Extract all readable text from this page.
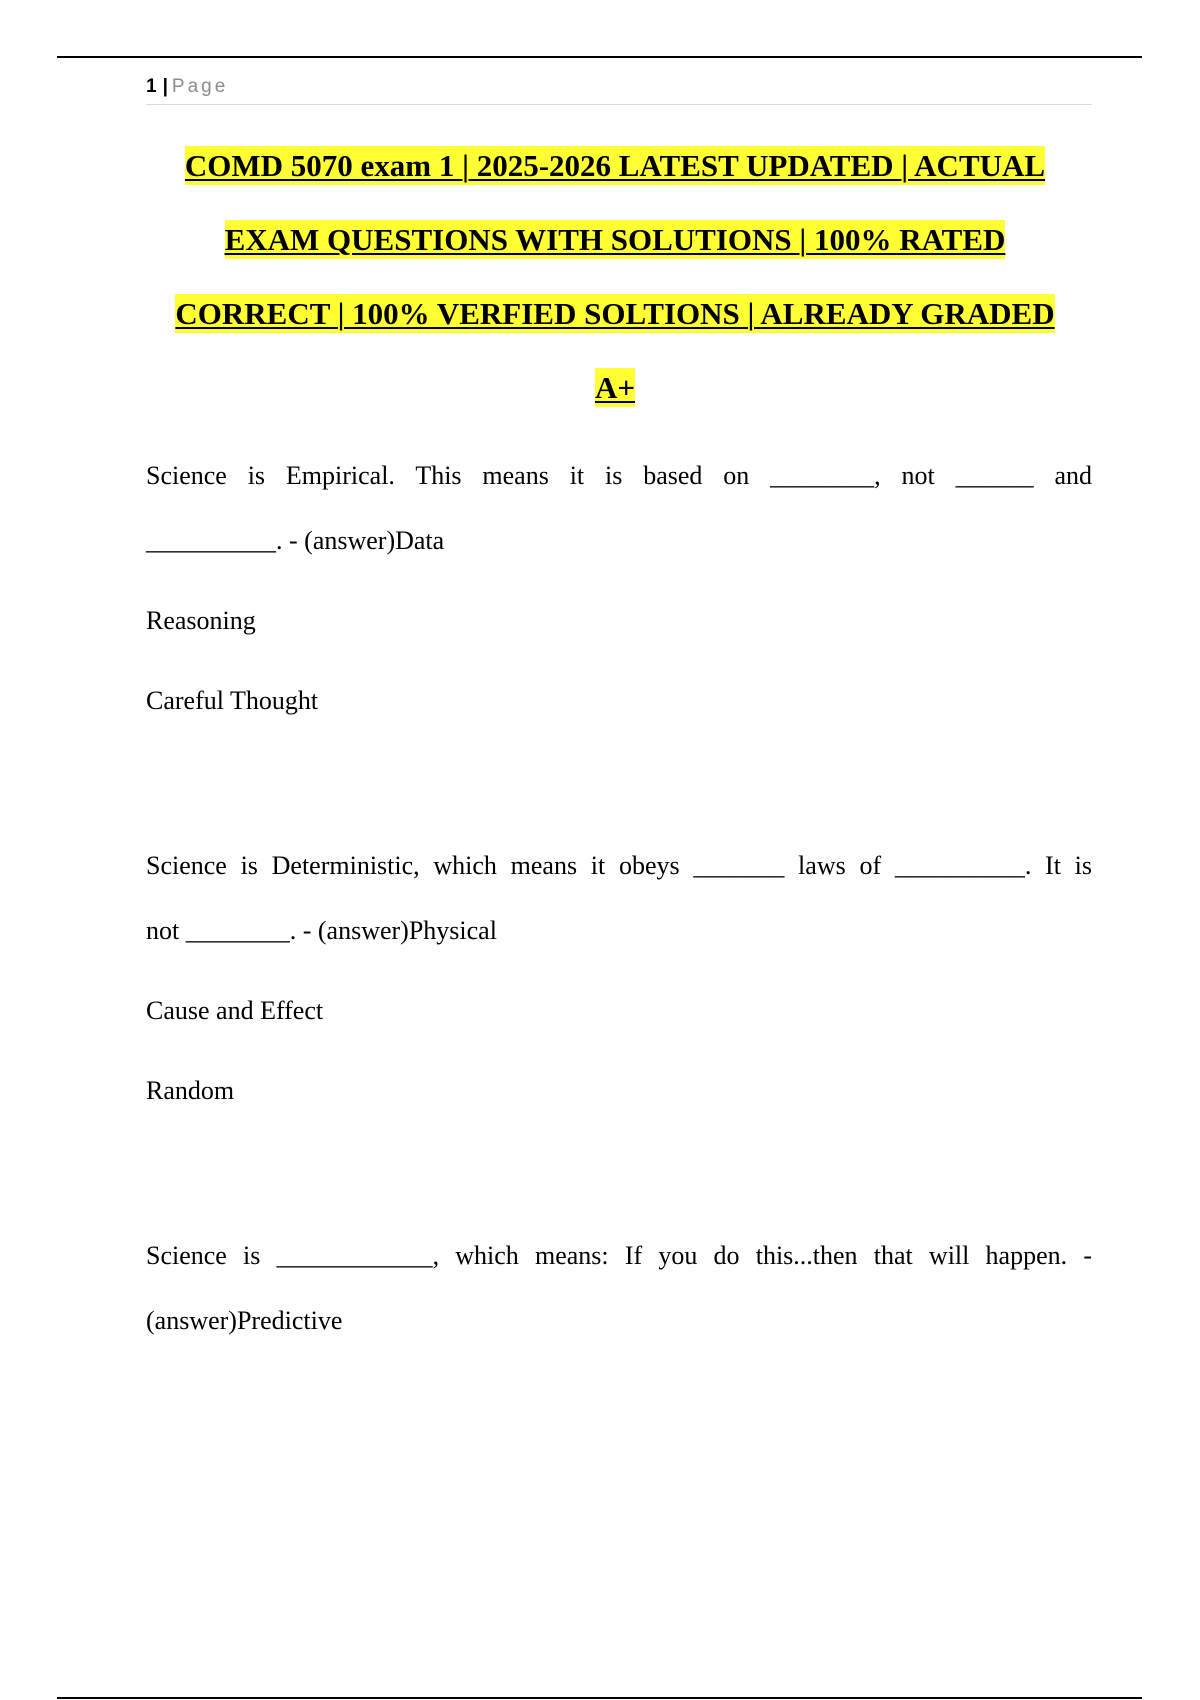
1 | Page
COMD 5070 exam 1 | 2025-2026 LATEST UPDATED | ACTUAL
EXAM QUESTIONS WITH SOLUTIONS | 100% RATED
CORRECT | 100% VERFIED SOLTIONS | ALREADY GRADED
A+
Science is Empirical. This means it is based on ________, not ______ and
__________. - (answer)Data
Reasoning
Careful Thought
Science is Deterministic, which means it obeys _______ laws of __________. It is
not ________. - (answer)Physical
Cause and Effect
Random
Science is ____________, which means: If you do this...then that will happen. -
(answer)Predictive
